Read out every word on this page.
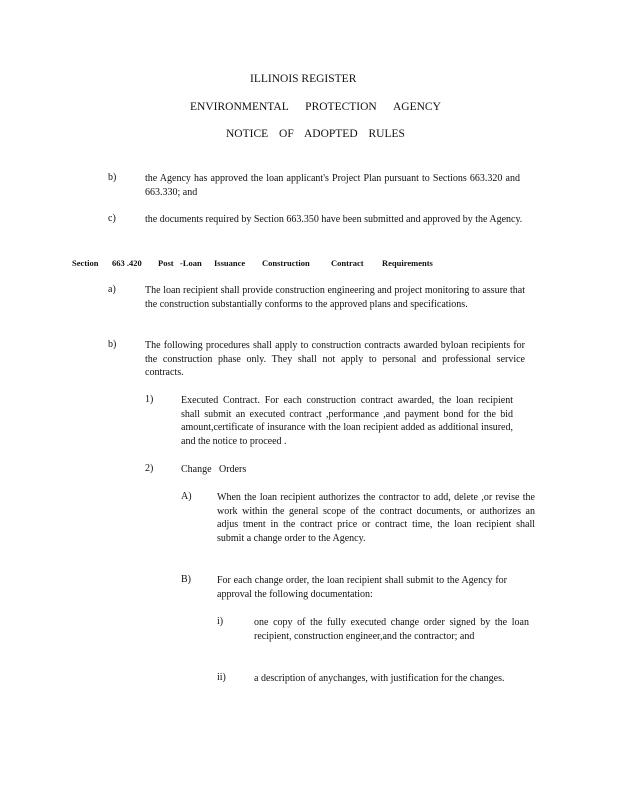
ILLINOIS REGISTER
ENVIRONMENTAL PROTECTION AGENCY
NOTICE OF ADOPTED RULES
b)	the Agency has approved the loan applicant's Project Plan pursuant to Sections 663.320 and 663.330; and
c)	the documents required by Section 663.350 have been submitted and approved by the Agency.
Section 663 .420 Post -Loan Issuance Construction	Contract Requirements
a)	The loan recipient shall provide construction engineering and project monitoring to assure that the construction substantially conforms to the approved plans and specifications.
b)	The following procedures shall apply to construction contracts awarded byloan recipients for the construction phase only. They shall not apply to personal and professional service contracts.
1)	Executed Contract. For each construction contract awarded, the loan recipient shall submit an executed contract ,performance ,and payment bond for the bid amount,certificate of insurance with the loan recipient added as additional insured, and the notice to proceed .
2)	Change Orders
A)	When the loan recipient authorizes the contractor to add, delete ,or revise the work within the general scope of the contract documents, or authorizes an adjus tment in the contract price or contract time, the loan recipient shall submit a change order to the Agency.
B)	For each change order, the loan recipient shall submit to the Agency for approval the following documentation:
i)	one copy of the fully executed change order signed by the loan recipient, construction engineer,and the contractor; and
ii)	a description of anychanges, with justification for the changes.
